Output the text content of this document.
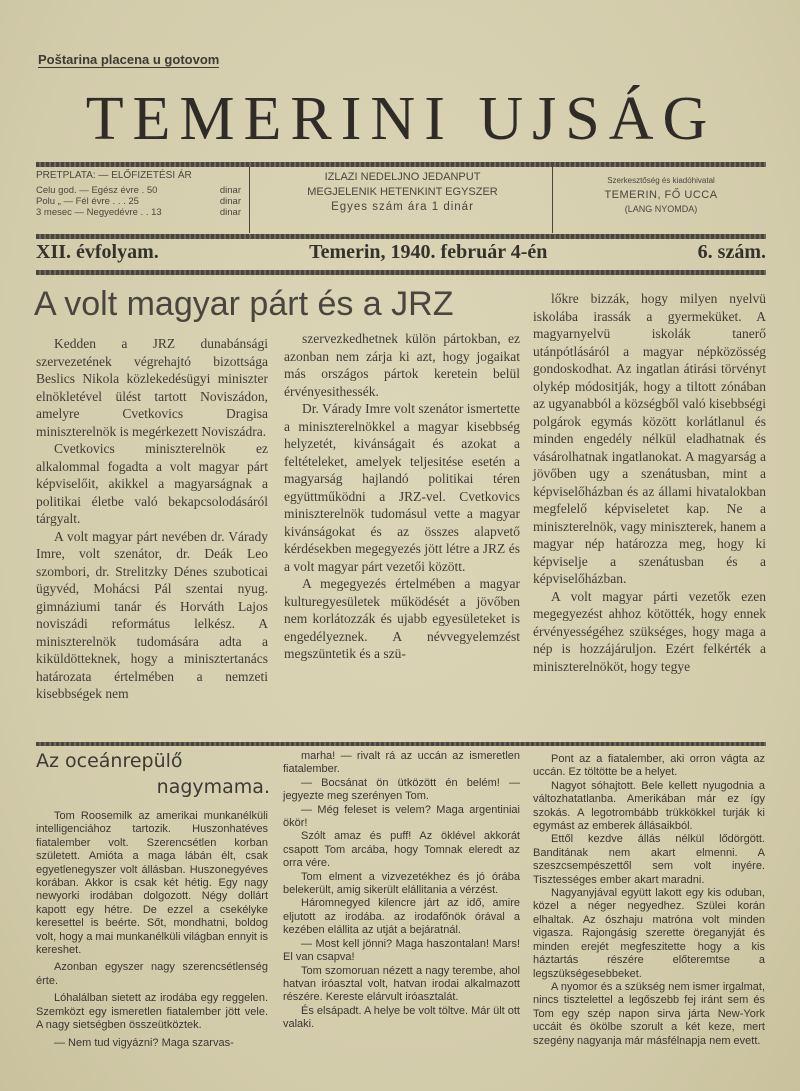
Poštarina placena u gotovom
TEMERINI UJSÁG
PRETPLATA: — ELŐFIZETÉSI ÁR
Celu god. — Egész évre . 50	dinar
Polu „ — Fél évre . . . 25	dinar
3 mesec — Negyedévre . . 13	dinar
IZLAZI NEDELJNO JEDANPUT
MEGJELENIK HETENKINT EGYSZER
Egyes szám ára 1 dinár
Szerkesztőség és kiadóhivatal
TEMERIN, FŐ UCCA
(LANG NYOMDA)
XII. évfolyam.	Temerin, 1940. február 4-én	6. szám.
A volt magyar párt és a JRZ

Kedden a JRZ dunabánsági szervezetének végrehajtó bizottsága Beslics Nikola közlekedésügyi miniszter elnökletével ülést tartott Noviszádon, amelyre Cvetkovics Dragisa miniszterelnök is megérkezett Noviszádra.

Cvetkovics miniszterelnök ez alkalommal fogadta a volt magyar párt képviselőit, akikkel a magyarságnak a politikai életbe való bekapcsolodásáról tárgyalt.

A volt magyar párt nevében dr. Várady Imre, volt szenátor, dr. Deák Leo szombori, dr. Strelitzky Dénes szuboticai ügyvéd, Mohácsi Pál szentai nyug. gimnáziumi tanár és Horváth Lajos noviszádi református lelkész. A miniszterelnök tudomására adta a kiküldötteknek, hogy a minisztertanács határozata értelmében a nemzeti kisebbségek nem

szervezkedhetnek külön pártokban, ez azonban nem zárja ki azt, hogy jogaikat más országos pártok keretein belül érvényesithessék.

Dr. Várady Imre volt szenátor ismertette a miniszterelnökkel a magyar kisebbség helyzetét, kivánságait és azokat a feltételeket, amelyek teljesitése esetén a magyarság hajlandó politikai téren együttműködni a JRZ-vel. Cvetkovics miniszterelnök tudomásul vette a magyar kivánságokat és az összes alapvető kérdésekben megegyezés jött létre a JRZ és a volt magyar párt vezetői között.

A megegyezés értelmében a magyar kulturegyesületek működését a jövőben nem korlátozzák és ujabb egyesületeket is engedélyeznek. A névvegyelemzést megszüntetik és a szü-

lőkre bizzák, hogy milyen nyelvü iskolába irassák a gyermeküket. A magyarnyelvü iskolák tanerő utánpótlásáról a magyar népközösség gondoskodhat. Az ingatlan átirási törvényt olykép módositják, hogy a tiltott zónában az ugyanabból a községből való kisebbségi polgárok egymás között korlátlanul és minden engedély nélkül eladhatnak és vásárolhatnak ingatlanokat. A magyarság a jövőben ugy a szenátusban, mint a képviselőházban és az állami hivatalokban megfelelő képviseletet kap. Ne a miniszterelnök, vagy miniszterek, hanem a magyar nép határozza meg, hogy ki képviselje a szenátusban és a képviselőházban.

A volt magyar párti vezetők ezen megegyezést ahhoz kötötték, hogy ennek érvényességéhez szükséges, hogy maga a nép is hozzájáruljon. Ezért felkérték a miniszterelnököt, hogy tegye

Az oceánrepülő
nagymama.

Tom Roosemilk az amerikai munkanélküli intelligenciához tartozik. Huszonhatéves fiatalember volt. Szerencsétlen korban született. Amióta a maga lábán élt, csak egyetlenegyszer volt állásban. Huszonegyéves korában. Akkor is csak két hétig. Egy nagy newyorki irodában dolgozott. Négy dollárt kapott egy hétre. De ezzel a csekélyke keresettel is beérte. Sőt, mondhatni, boldog volt, hogy a mai munkanélküli világban ennyit is kereshet.

Azonban egyszer nagy szerencsétlenség érte.

Lóhalálban sietett az irodába egy reggelen. Szemközt egy ismeretlen fiatalember jött vele. A nagy sietségben összeütköztek.

— Nem tud vigyázni? Maga szarvas-

marha! — rivalt rá az uccán az ismeretlen fiatalember.

— Bocsánat ön ütközött én belém! — jegyezte meg szerényen Tom.

— Még feleset is velem? Maga argentiniai ökör!

Szólt amaz és puff! Az öklével akkorát csapott Tom arcába, hogy Tomnak eleredt az orra vére.

Tom elment a vizvezetékhez és jó órába belekerült, amig sikerült elállitania a vérzést.

Háromnegyed kilencre járt az idő, amire eljutott az irodába. az irodafőnök órával a kezében elállita az utját a bejáratnál.

— Most kell jönni? Maga haszontalan! Mars! El van csapva!

Tom szomoruan nézett a nagy terembe, ahol hatvan iróasztal volt, hatvan irodai alkalmazott részére. Kereste elárvult iróasztalát.

És elsápadt. A helye be volt töltve. Már ült ott valaki.

Pont az a fiatalember, aki orron vágta az uccán. Ez töltötte be a helyet.

Nagyot sóhajtott. Bele kellett nyugodnia a változhatatlanba. Amerikában már ez így szokás. A legotrombább trükkökkel turják ki egymást az emberek állásaikból.

Ettől kezdve állás nélkül lődörgött. Banditának nem akart elmenni. A szeszcsempészettől sem volt inyére. Tisztességes ember akart maradni.

Nagyanyjával együtt lakott egy kis oduban, közel a néger negyedhez. Szülei korán elhaltak. Az ószhaju matróna volt minden vigasza. Rajongásig szerette öreganyját és minden erejét megfeszitette hogy a kis háztartás részére előteremtse a legszükségesebbeket.

A nyomor és a szükség nem ismer irgalmat, nincs tisztelettel a legőszebb fej iránt sem és Tom egy szép napon sirva járta New-York uccáit és ökölbe szorult a két keze, mert szegény nagyanja már másfélnapja nem evett.
